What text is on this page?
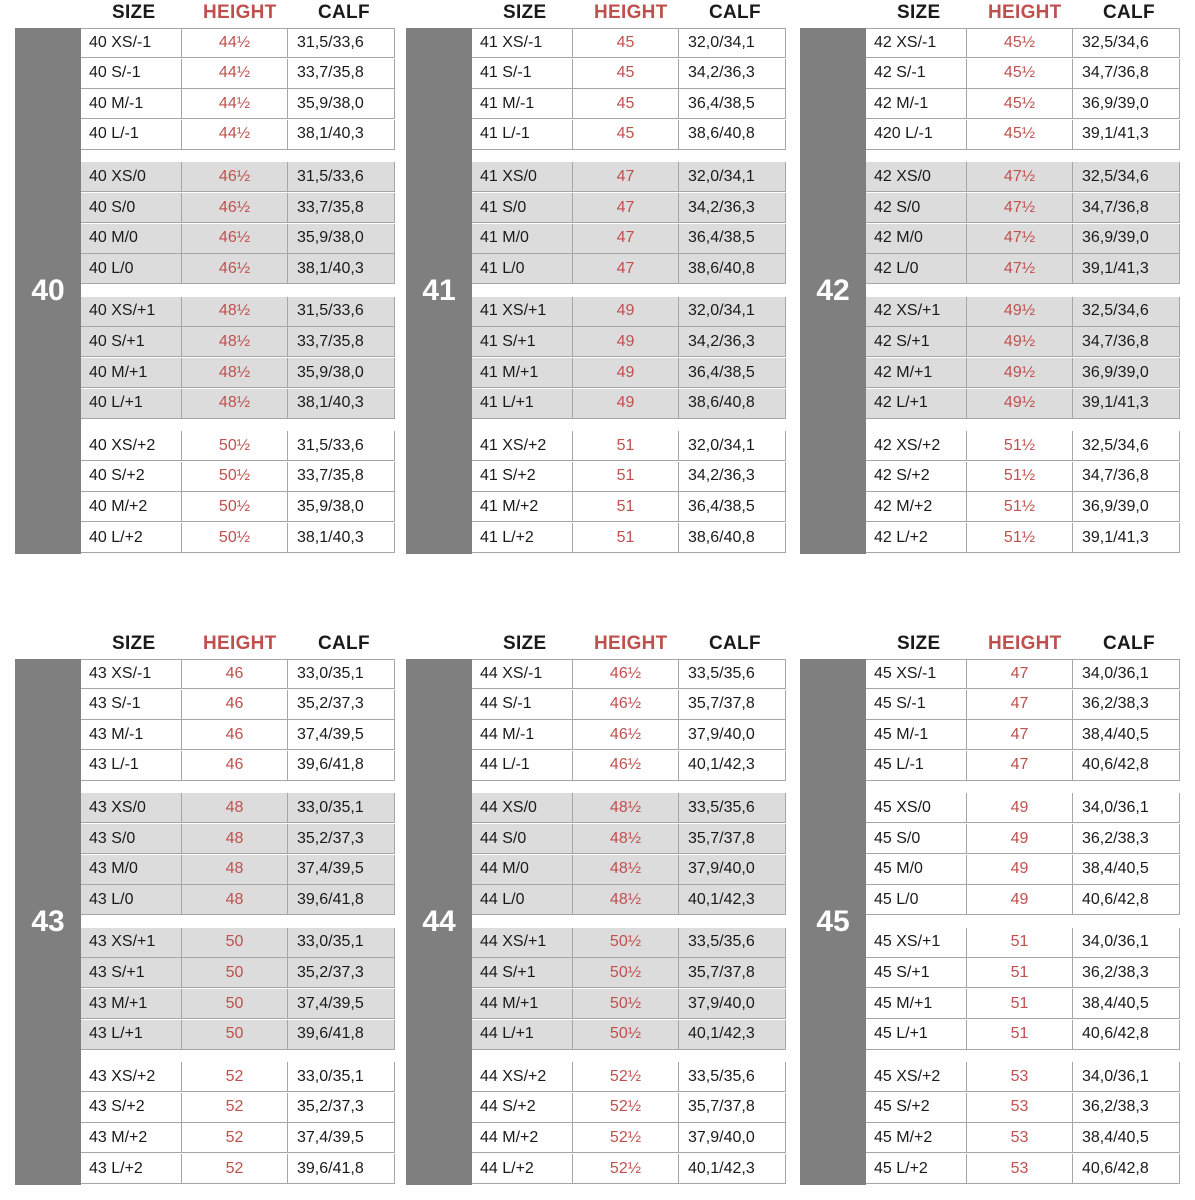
SIZE	HEIGHT CALF
40 XS/-1	44½	31,5/33,6
40 S/-1	44½	33,7/35,8
40 M/-1	44½	35,9/38,0
40 L/-1	44½	38,1/40,3
40 XS/0	46½	31,5/33,6
40 S/0	46½	33,7/35,8
40 M/0	46½	35,9/38,0
40 L/0	46½	38,1/40,3
40 XS/+1	48½	31,5/33,6
40 S/+1	48½	33,7/35,8
40 M/+1	48½	35,9/38,0
40 L/+1	48½	38,1/40,3
40 XS/+2	50½	31,5/33,6
40 S/+2	50½	33,7/35,8
40 M/+2	50½	35,9/38,0
40 L/+2	50½	38,1/40,3
40
SIZE	HEIGHT CALF
41 XS/-1	45	32,0/34,1
41 S/-1	45	34,2/36,3
41 M/-1	45	36,4/38,5
41 L/-1	45	38,6/40,8
41 XS/0	47	32,0/34,1
41 S/0	47	34,2/36,3
41 M/0	47	36,4/38,5
41 L/0	47	38,6/40,8
41 XS/+1	49	32,0/34,1
41 S/+1	49	34,2/36,3
41 M/+1	49	36,4/38,5
41 L/+1	49	38,6/40,8
41 XS/+2	51	32,0/34,1
41 S/+2	51	34,2/36,3
41 M/+2	51	36,4/38,5
41 L/+2	51	38,6/40,8
41
SIZE	HEIGHT CALF
42 XS/-1	45½	32,5/34,6
42 S/-1	45½	34,7/36,8
42 M/-1	45½	36,9/39,0
420 L/-1	45½	39,1/41,3
42 XS/0	47½	32,5/34,6
42 S/0	47½	34,7/36,8
42 M/0	47½	36,9/39,0
42 L/0	47½	39,1/41,3
42 XS/+1	49½	32,5/34,6
42 S/+1	49½	34,7/36,8
42 M/+1	49½	36,9/39,0
42 L/+1	49½	39,1/41,3
42 XS/+2	51½	32,5/34,6
42 S/+2	51½	34,7/36,8
42 M/+2	51½	36,9/39,0
42 L/+2	51½	39,1/41,3
42
SIZE	HEIGHT CALF
43 XS/-1	46	33,0/35,1
43 S/-1	46	35,2/37,3
43 M/-1	46	37,4/39,5
43 L/-1	46	39,6/41,8
43 XS/0	48	33,0/35,1
43 S/0	48	35,2/37,3
43 M/0	48	37,4/39,5
43 L/0	48	39,6/41,8
43 XS/+1	50	33,0/35,1
43 S/+1	50	35,2/37,3
43 M/+1	50	37,4/39,5
43 L/+1	50	39,6/41,8
43 XS/+2	52	33,0/35,1
43 S/+2	52	35,2/37,3
43 M/+2	52	37,4/39,5
43 L/+2	52	39,6/41,8
43
SIZE	HEIGHT CALF
44 XS/-1	46½	33,5/35,6
44 S/-1	46½	35,7/37,8
44 M/-1	46½	37,9/40,0
44 L/-1	46½	40,1/42,3
44 XS/0	48½	33,5/35,6
44 S/0	48½	35,7/37,8
44 M/0	48½	37,9/40,0
44 L/0	48½	40,1/42,3
44 XS/+1	50½	33,5/35,6
44 S/+1	50½	35,7/37,8
44 M/+1	50½	37,9/40,0
44 L/+1	50½	40,1/42,3
44 XS/+2	52½	33,5/35,6
44 S/+2	52½	35,7/37,8
44 M/+2	52½	37,9/40,0
44 L/+2	52½	40,1/42,3
44
SIZE	HEIGHT CALF
45 XS/-1	47	34,0/36,1
45 S/-1	47	36,2/38,3
45 M/-1	47	38,4/40,5
45 L/-1	47	40,6/42,8
45 XS/0	49	34,0/36,1
45 S/0	49	36,2/38,3
45 M/0	49	38,4/40,5
45 L/0	49	40,6/42,8
45 XS/+1	51	34,0/36,1
45 S/+1	51	36,2/38,3
45 M/+1	51	38,4/40,5
45 L/+1	51	40,6/42,8
45 XS/+2	53	34,0/36,1
45 S/+2	53	36,2/38,3
45 M/+2	53	38,4/40,5
45 L/+2	53	40,6/42,8
45
